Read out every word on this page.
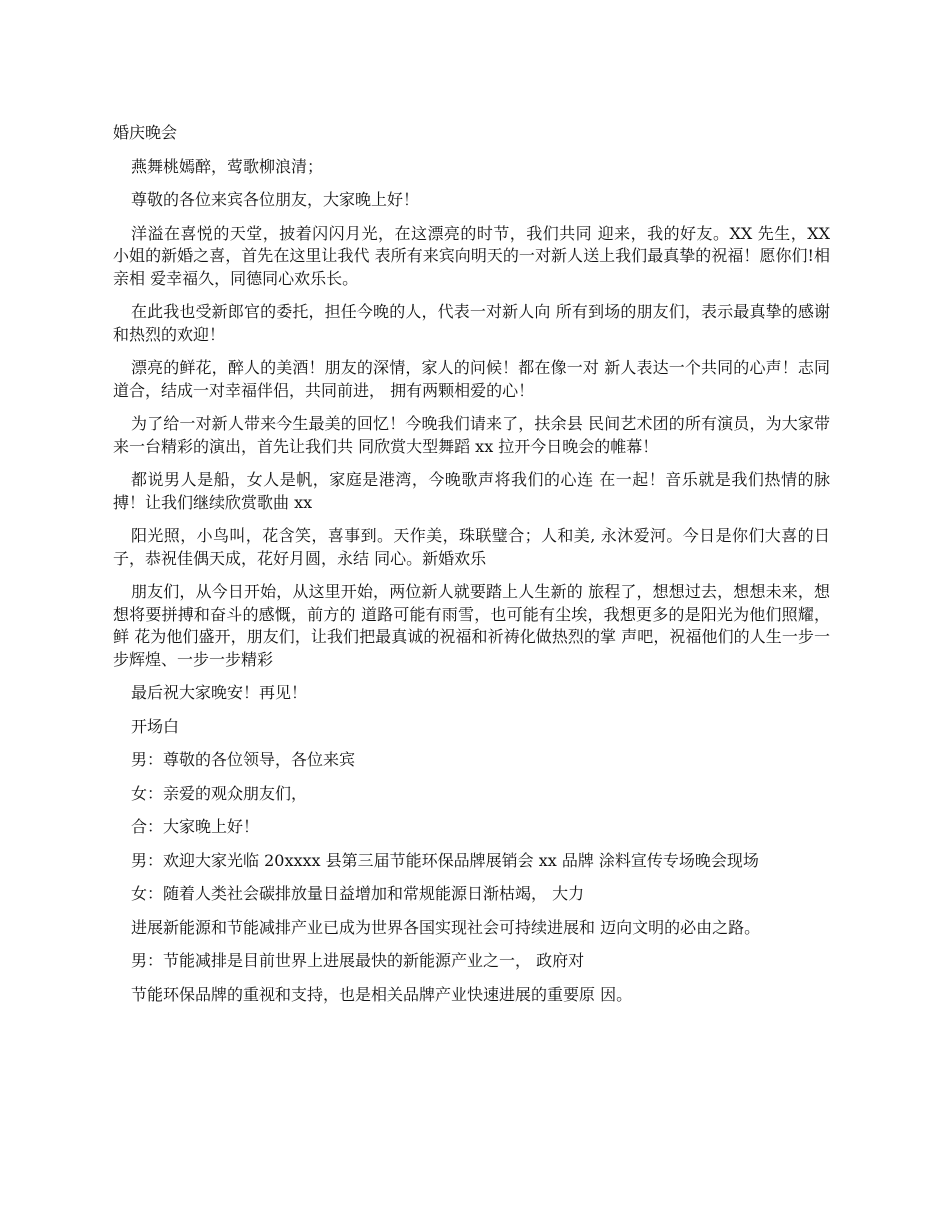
婚庆晚会
燕舞桃嫣醉，莺歌柳浪清；
尊敬的各位来宾各位朋友，大家晚上好！
洋溢在喜悦的天堂，披着闪闪月光，在这漂亮的时节，我们共同 迎来，我的好友。XX 先生，XX 小姐的新婚之喜，首先在这里让我代 表所有来宾向明天的一对新人送上我们最真挚的祝福！愿你们!相亲相 爱幸福久，同德同心欢乐长。
在此我也受新郎官的委托，担任今晚的人，代表一对新人向 所有到场的朋友们，表示最真挚的感谢和热烈的欢迎！
漂亮的鲜花，醉人的美酒！朋友的深情，家人的问候！都在像一对 新人表达一个共同的心声！志同道合，结成一对幸福伴侣，共同前进， 拥有两颗相爱的心！
为了给一对新人带来今生最美的回忆！今晚我们请来了，扶余县 民间艺术团的所有演员，为大家带来一台精彩的演出，首先让我们共 同欣赏大型舞蹈 xx 拉开今日晚会的帷幕！
都说男人是船，女人是帆，家庭是港湾，今晚歌声将我们的心连 在一起！音乐就是我们热情的脉搏！让我们继续欣赏歌曲 xx
阳光照，小鸟叫，花含笑，喜事到。天作美，珠联璧合；人和美, 永沐爱河。今日是你们大喜的日子，恭祝佳偶天成，花好月圆，永结 同心。新婚欢乐
朋友们，从今日开始，从这里开始，两位新人就要踏上人生新的 旅程了，想想过去，想想未来，想想将要拼搏和奋斗的感慨，前方的 道路可能有雨雪，也可能有尘埃，我想更多的是阳光为他们照耀，鲜 花为他们盛开，朋友们，让我们把最真诚的祝福和祈祷化做热烈的掌 声吧，祝福他们的人生一步一步辉煌、一步一步精彩
最后祝大家晚安！再见！
开场白
男：尊敬的各位领导，各位来宾
女：亲爱的观众朋友们，
合：大家晚上好！
男：欢迎大家光临 20xxxx 县第三届节能环保品牌展销会 xx 品牌 涂料宣传专场晚会现场
女：随着人类社会碳排放量日益增加和常规能源日渐枯竭， 大力
进展新能源和节能减排产业已成为世界各国实现社会可持续进展和 迈向文明的必由之路。
男：节能减排是目前世界上进展最快的新能源产业之一， 政府对
节能环保品牌的重视和支持，也是相关品牌产业快速进展的重要原 因。
